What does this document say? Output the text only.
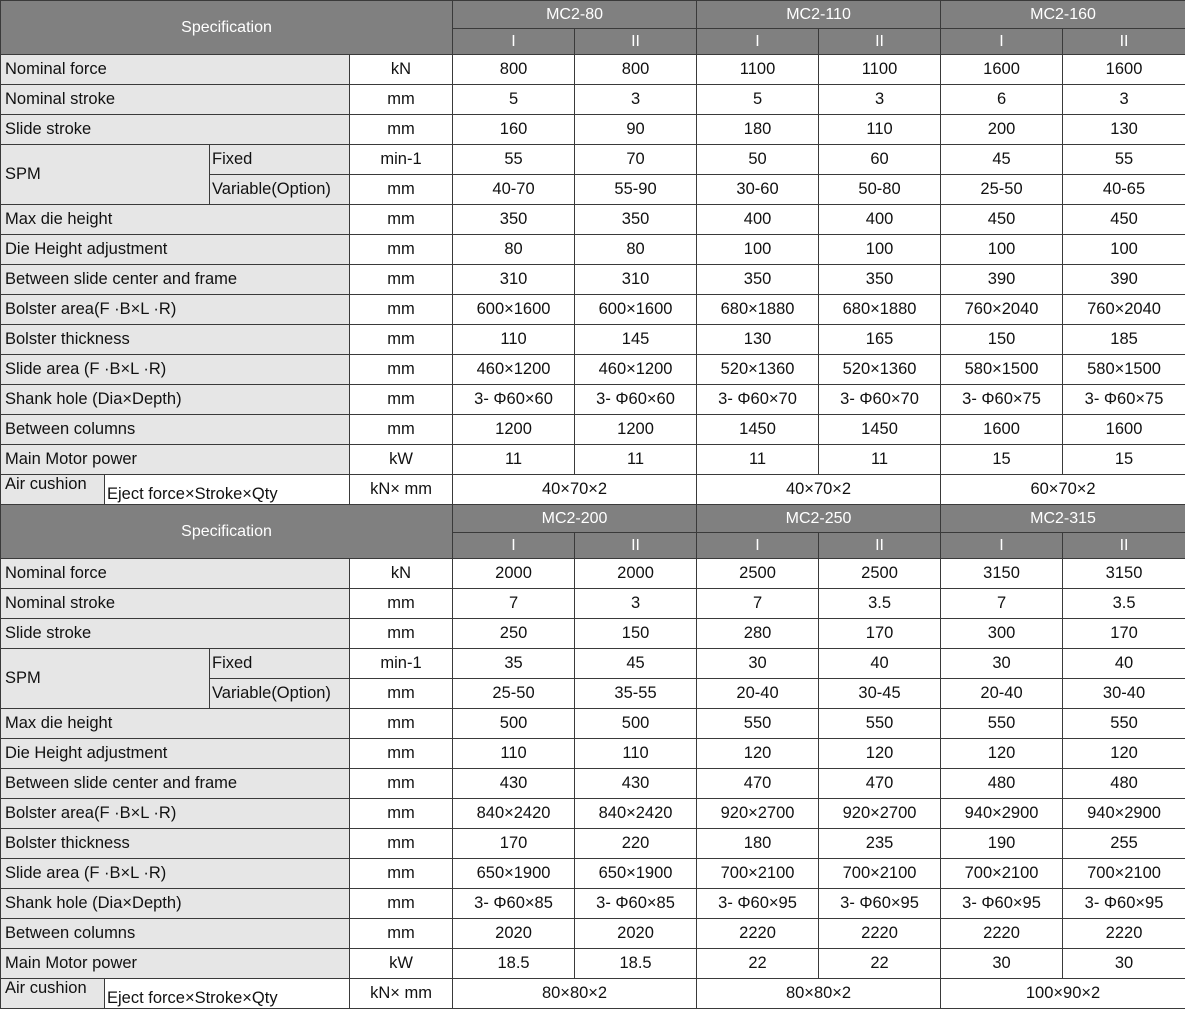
Specification				MC2-80		MC2-110		MC2-160	
				I	II	I	II	I	II
Nominal force			kN	800	800	1100	1100	1600	1600
Nominal stroke			mm	5	3	5	3	6	3
Slide stroke			mm	160	90	180	110	200	130
SPM		Fixed	min-1	55	70	50	60	45	55
		Variable(Option)	mm	40-70	55-90	30-60	50-80	25-50	40-65
Max die height			mm	350	350	400	400	450	450
Die Height adjustment			mm	80	80	100	100	100	100
Between slide center and frame			mm	310	310	350	350	390	390
Bolster area(F ·B×L ·R)			mm	600×1600	600×1600	680×1880	680×1880	760×2040	760×2040
Bolster thickness			mm	110	145	130	165	150	185
Slide area (F ·B×L ·R)			mm	460×1200	460×1200	520×1360	520×1360	580×1500	580×1500
Shank hole (Dia×Depth)			mm	3- Φ60×60	3- Φ60×60	3- Φ60×70	3- Φ60×70	3- Φ60×75	3- Φ60×75
Between columns			mm	1200	1200	1450	1450	1600	1600
Main Motor power			kW	11	11	11	11	15	15
Air cushion	Eject force×Stroke×Qty		kN× mm	40×70×2		40×70×2		60×70×2	
Specification				MC2-200		MC2-250		MC2-315	
				I	II	I	II	I	II
Nominal force			kN	2000	2000	2500	2500	3150	3150
Nominal stroke			mm	7	3	7	3.5	7	3.5
Slide stroke			mm	250	150	280	170	300	170
SPM		Fixed	min-1	35	45	30	40	30	40
		Variable(Option)	mm	25-50	35-55	20-40	30-45	20-40	30-40
Max die height			mm	500	500	550	550	550	550
Die Height adjustment			mm	110	110	120	120	120	120
Between slide center and frame			mm	430	430	470	470	480	480
Bolster area(F ·B×L ·R)			mm	840×2420	840×2420	920×2700	920×2700	940×2900	940×2900
Bolster thickness			mm	170	220	180	235	190	255
Slide area (F ·B×L ·R)			mm	650×1900	650×1900	700×2100	700×2100	700×2100	700×2100
Shank hole (Dia×Depth)			mm	3- Φ60×85	3- Φ60×85	3- Φ60×95	3- Φ60×95	3- Φ60×95	3- Φ60×95
Between columns			mm	2020	2020	2220	2220	2220	2220
Main Motor power			kW	18.5	18.5	22	22	30	30
Air cushion	Eject force×Stroke×Qty		kN× mm	80×80×2		80×80×2		100×90×2	
